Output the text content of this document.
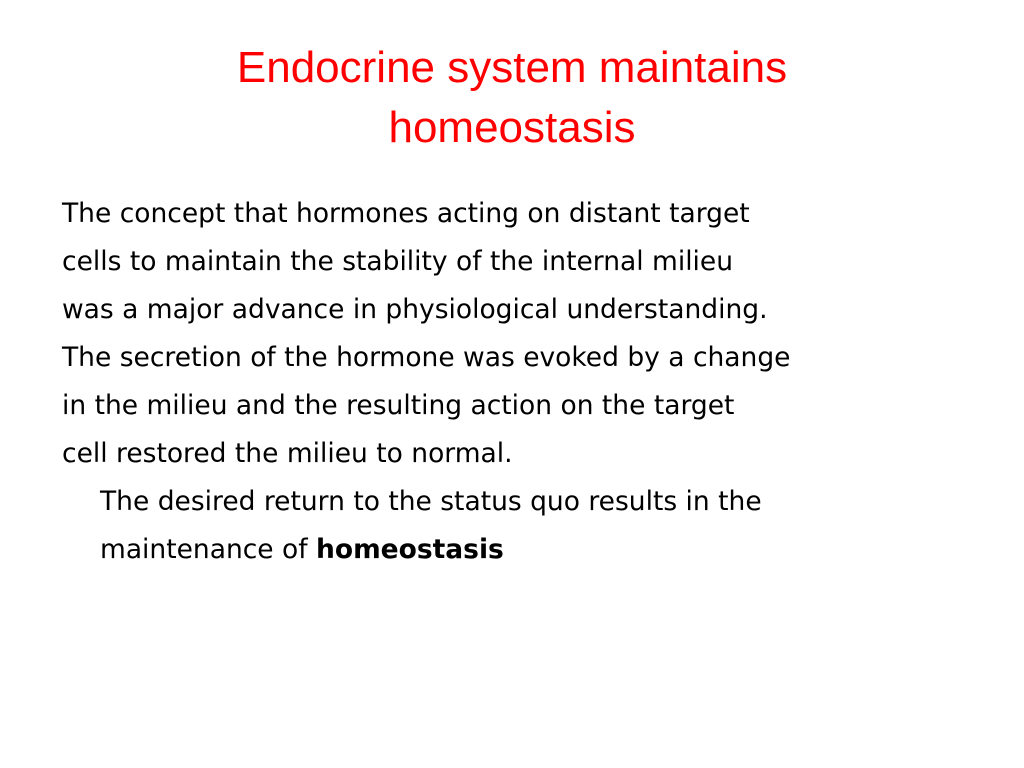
Endocrine system maintains
homeostasis

The concept that hormones acting on distant target
cells to maintain the stability of the internal milieu
was a major advance in physiological understanding.

The secretion of the hormone was evoked by a change
in the milieu and the resulting action on the target
cell restored the milieu to normal.

The desired return to the status quo results in the
maintenance of homeostasis
